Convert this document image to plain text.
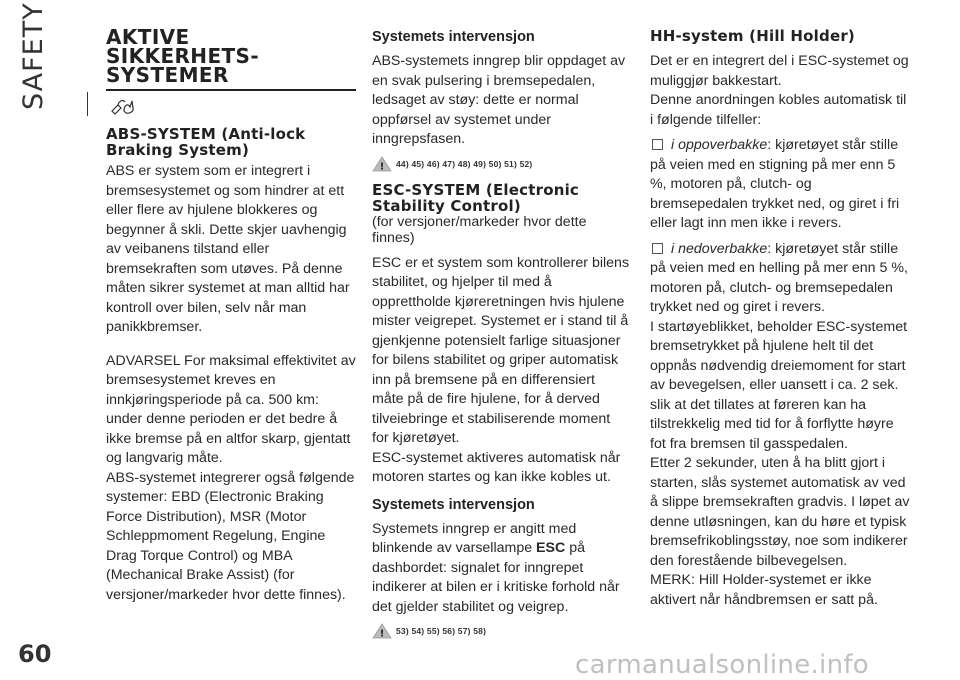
SAFETY
60	carmanualsonline.info
AKTIVE
SIKKERHETS-
SYSTEMER
ABS-SYSTEM (Anti-lock Braking System)

ABS er system som er integrert i bremsesystemet og som hindrer at ett eller flere av hjulene blokkeres og begynner å skli. Dette skjer uavhengig av veibanens tilstand eller bremsekraften som utøves. På denne måten sikrer systemet at man alltid har kontroll over bilen, selv når man panikkbremser.

ADVARSEL For maksimal effektivitet av bremsesystemet kreves en innkjøringsperiode på ca. 500 km: under denne perioden er det bedre å ikke bremse på en altfor skarp, gjentatt og langvarig måte.

ABS-systemet integrerer også følgende systemer: EBD (Electronic Braking Force Distribution), MSR (Motor Schleppmoment Regelung, Engine Drag Torque Control) og MBA (Mechanical Brake Assist) (for versjoner/markeder hvor dette finnes).

Systemets intervensjon

ABS-systemets inngrep blir oppdaget av en svak pulsering i bremsepedalen, ledsaget av støy: dette er normal oppførsel av systemet under inngrepsfasen.

! 44) 45) 46) 47) 48) 49) 50) 51) 52)
ESC-SYSTEM (Electronic Stability Control)

(for versjoner/markeder hvor dette finnes)

ESC er et system som kontrollerer bilens stabilitet, og hjelper til med å opprettholde kjøreretningen hvis hjulene mister veigrepet. Systemet er i stand til å gjenkjenne potensielt farlige situasjoner for bilens stabilitet og griper automatisk inn på bremsene på en differensiert måte på de fire hjulene, for å derved tilveiebringe et stabiliserende moment for kjøretøyet.

ESC-systemet aktiveres automatisk når motoren startes og kan ikke kobles ut.

Systemets intervensjon

Systemets inngrep er angitt med blinkende av varsellampe ESC på dashbordet: signalet for inngrepet indikerer at bilen er i kritiske forhold når det gjelder stabilitet og veigrep.

! 53) 54) 55) 56) 57) 58)
HH-system (Hill Holder)

Det er en integrert del i ESC-systemet og muliggjør bakkestart.

Denne anordningen kobles automatisk til i følgende tilfeller:

i oppoverbakke: kjøretøyet står stille på veien med en stigning på mer enn 5 %, motoren på, clutch- og bremsepedalen trykket ned, og giret i fri eller lagt inn men ikke i revers.

i nedoverbakke: kjøretøyet står stille på veien med en helling på mer enn 5 %, motoren på, clutch- og bremsepedalen trykket ned og giret i revers.

I startøyeblikket, beholder ESC-systemet bremsetrykket på hjulene helt til det oppnås nødvendig dreiemoment for start av bevegelsen, eller uansett i ca. 2 sek. slik at det tillates at føreren kan ha tilstrekkelig med tid for å forflytte høyre fot fra bremsen til gasspedalen.

Etter 2 sekunder, uten å ha blitt gjort i starten, slås systemet automatisk av ved å slippe bremsekraften gradvis. I løpet av denne utløsningen, kan du høre et typisk bremsefrikoblingsstøy, noe som indikerer den forestående bilbevegelsen.

MERK: Hill Holder-systemet er ikke aktivert når håndbremsen er satt på.
